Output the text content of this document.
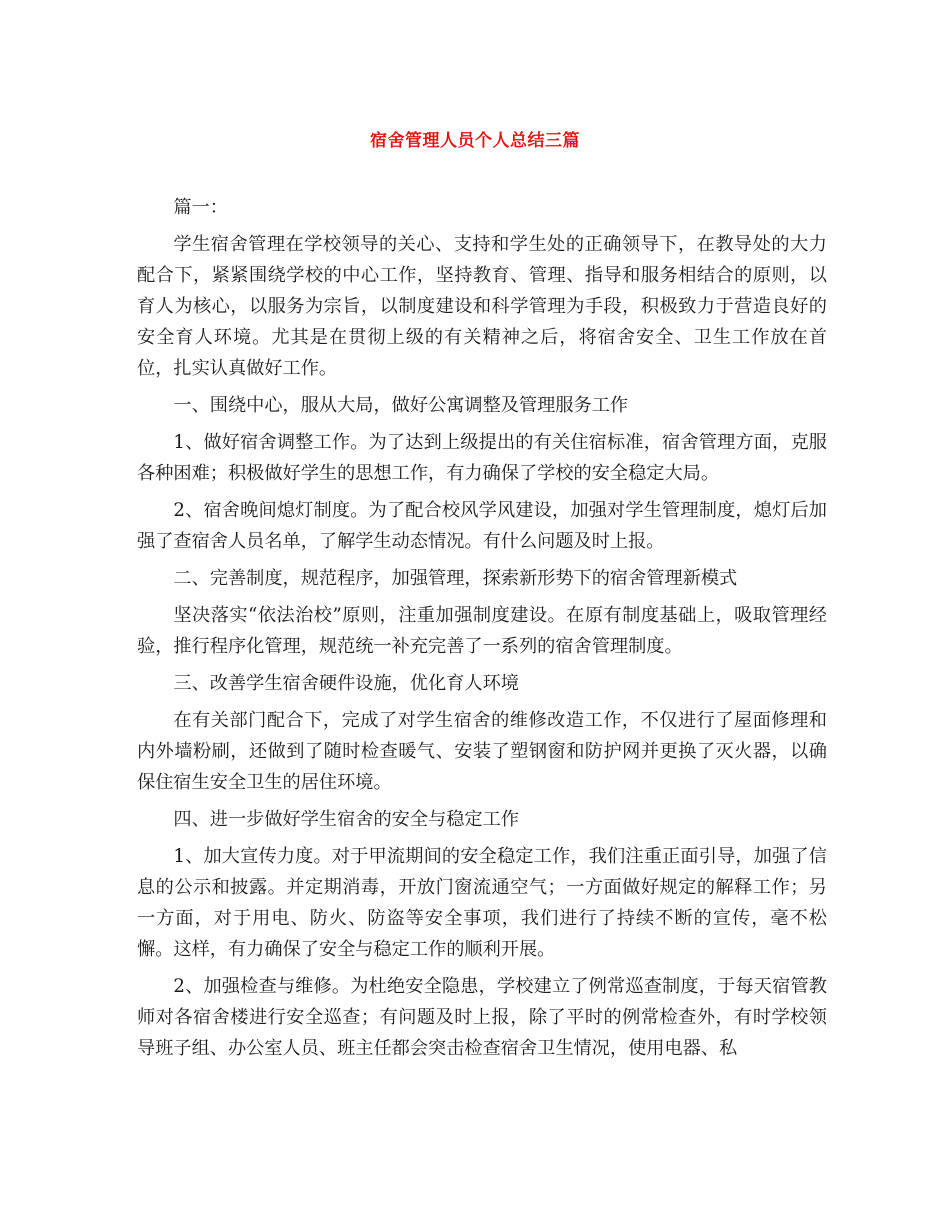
宿舍管理人员个人总结三篇

篇一：

学生宿舍管理在学校领导的关心、支持和学生处的正确领导下，在教导处的大力配合下，紧紧围绕学校的中心工作，坚持教育、管理、指导和服务相结合的原则，以育人为核心，以服务为宗旨，以制度建设和科学管理为手段，积极致力于营造良好的安全育人环境。尤其是在贯彻上级的有关精神之后，将宿舍安全、卫生工作放在首位，扎实认真做好工作。

一、围绕中心，服从大局，做好公寓调整及管理服务工作

1、做好宿舍调整工作。为了达到上级提出的有关住宿标准，宿舍管理方面，克服各种困难；积极做好学生的思想工作，有力确保了学校的安全稳定大局。

2、宿舍晚间熄灯制度。为了配合校风学风建设，加强对学生管理制度，熄灯后加强了查宿舍人员名单，了解学生动态情况。有什么问题及时上报。

二、完善制度，规范程序，加强管理，探索新形势下的宿舍管理新模式

坚决落实“依法治校”原则，注重加强制度建设。在原有制度基础上，吸取管理经验，推行程序化管理，规范统一补充完善了一系列的宿舍管理制度。

三、改善学生宿舍硬件设施，优化育人环境

在有关部门配合下，完成了对学生宿舍的维修改造工作，不仅进行了屋面修理和内外墙粉刷，还做到了随时检查暖气、安装了塑钢窗和防护网并更换了灭火器，以确保住宿生安全卫生的居住环境。

四、进一步做好学生宿舍的安全与稳定工作

1、加大宣传力度。对于甲流期间的安全稳定工作，我们注重正面引导，加强了信息的公示和披露。并定期消毒，开放门窗流通空气；一方面做好规定的解释工作；另一方面，对于用电、防火、防盗等安全事项，我们进行了持续不断的宣传，毫不松懈。这样，有力确保了安全与稳定工作的顺利开展。

2、加强检查与维修。为杜绝安全隐患，学校建立了例常巡查制度，于每天宿管教师对各宿舍楼进行安全巡查；有问题及时上报，除了平时的例常检查外，有时学校领导班子组、办公室人员、班主任都会突击检查宿舍卫生情况，使用电器、私
